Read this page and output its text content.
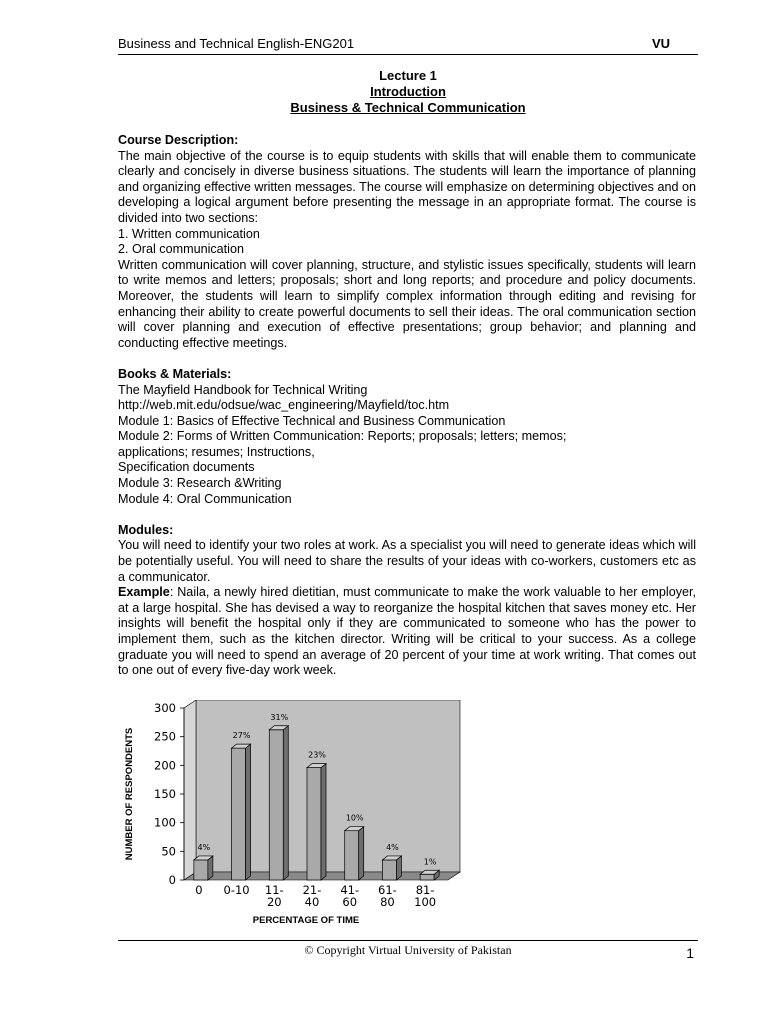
Business and Technical English-ENG201	VU
Lecture 1
Introduction
Business & Technical Communication

Course Description:

The main objective of the course is to equip students with skills that will enable them to communicate clearly and concisely in diverse business situations. The students will learn the importance of planning and organizing effective written messages. The course will emphasize on determining objectives and on developing a logical argument before presenting the message in an appropriate format. The course is divided into two sections:

1. Written communication

2. Oral communication

Written communication will cover planning, structure, and stylistic issues specifically, students will learn to write memos and letters; proposals; short and long reports; and procedure and policy documents. Moreover, the students will learn to simplify complex information through editing and revising for enhancing their ability to create powerful documents to sell their ideas. The oral communication section will cover planning and execution of effective presentations; group behavior; and planning and conducting effective meetings.

Books & Materials:

The Mayfield Handbook for Technical Writing

http://web.mit.edu/odsue/wac_engineering/Mayfield/toc.htm

Module 1: Basics of Effective Technical and Business Communication

Module 2: Forms of Written Communication: Reports; proposals; letters; memos;

applications; resumes; Instructions,

Specification documents

Module 3: Research &Writing

Module 4: Oral Communication

Modules:

You will need to identify your two roles at work. As a specialist you will need to generate ideas which will be potentially useful. You will need to share the results of your ideas with co-workers, customers etc as a communicator.

Example: Naila, a newly hired dietitian, must communicate to make the work valuable to her employer, at a large hospital. She has devised a way to reorganize the hospital kitchen that saves money etc. Her insights will benefit the hospital only if they are communicated to someone who has the power to implement them, such as the kitchen director. Writing will be critical to your success. As a college graduate you will need to spend an average of 20 percent of your time at work writing. That comes out to one out of every five-day work week.

0
50
100
150
200
250
300
NUMBER OF RESPONDENTS	4%
0
27%
0-10
31%
11-
20
23%
21-
40
10%
41-
60
4%
61-
80
1%
81-
100
PERCENTAGE OF TIME
© Copyright Virtual University of Pakistan	1
